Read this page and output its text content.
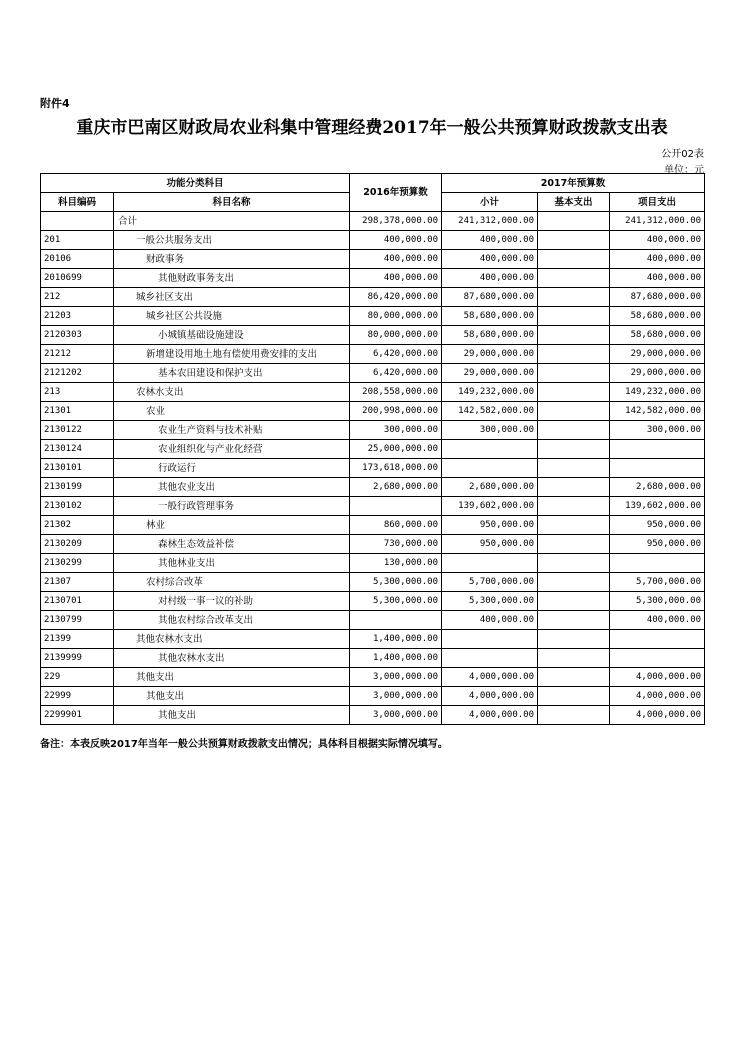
附件4
重庆市巴南区财政局农业科集中管理经费2017年一般公共预算财政拨款支出表
公开02表
单位：元
功能分类科目		2016年预算数	2017年预算数		
科目编码	科目名称		小计	基本支出	项目支出
	合计	298,378,000.00	241,312,000.00		241,312,000.00
201	一般公共服务支出	400,000.00	400,000.00		400,000.00
20106	财政事务	400,000.00	400,000.00		400,000.00
2010699	其他财政事务支出	400,000.00	400,000.00		400,000.00
212	城乡社区支出	86,420,000.00	87,680,000.00		87,680,000.00
21203	城乡社区公共设施	80,000,000.00	58,680,000.00		58,680,000.00
2120303	小城镇基础设施建设	80,000,000.00	58,680,000.00		58,680,000.00
21212	新增建设用地土地有偿使用费安排的支出	6,420,000.00	29,000,000.00		29,000,000.00
2121202	基本农田建设和保护支出	6,420,000.00	29,000,000.00		29,000,000.00
213	农林水支出	208,558,000.00	149,232,000.00		149,232,000.00
21301	农业	200,998,000.00	142,582,000.00		142,582,000.00
2130122	农业生产资料与技术补贴	300,000.00	300,000.00		300,000.00
2130124	农业组织化与产业化经营	25,000,000.00			
2130101	行政运行	173,618,000.00			
2130199	其他农业支出	2,680,000.00	2,680,000.00		2,680,000.00
2130102	一般行政管理事务		139,602,000.00		139,602,000.00
21302	林业	860,000.00	950,000.00		950,000.00
2130209	森林生态效益补偿	730,000.00	950,000.00		950,000.00
2130299	其他林业支出	130,000.00			
21307	农村综合改革	5,300,000.00	5,700,000.00		5,700,000.00
2130701	对村级一事一议的补助	5,300,000.00	5,300,000.00		5,300,000.00
2130799	其他农村综合改革支出		400,000.00		400,000.00
21399	其他农林水支出	1,400,000.00			
2139999	其他农林水支出	1,400,000.00			
229	其他支出	3,000,000.00	4,000,000.00		4,000,000.00
22999	其他支出	3,000,000.00	4,000,000.00		4,000,000.00
2299901	其他支出	3,000,000.00	4,000,000.00		4,000,000.00
备注：本表反映2017年当年一般公共预算财政拨款支出情况；具体科目根据实际情况填写。
